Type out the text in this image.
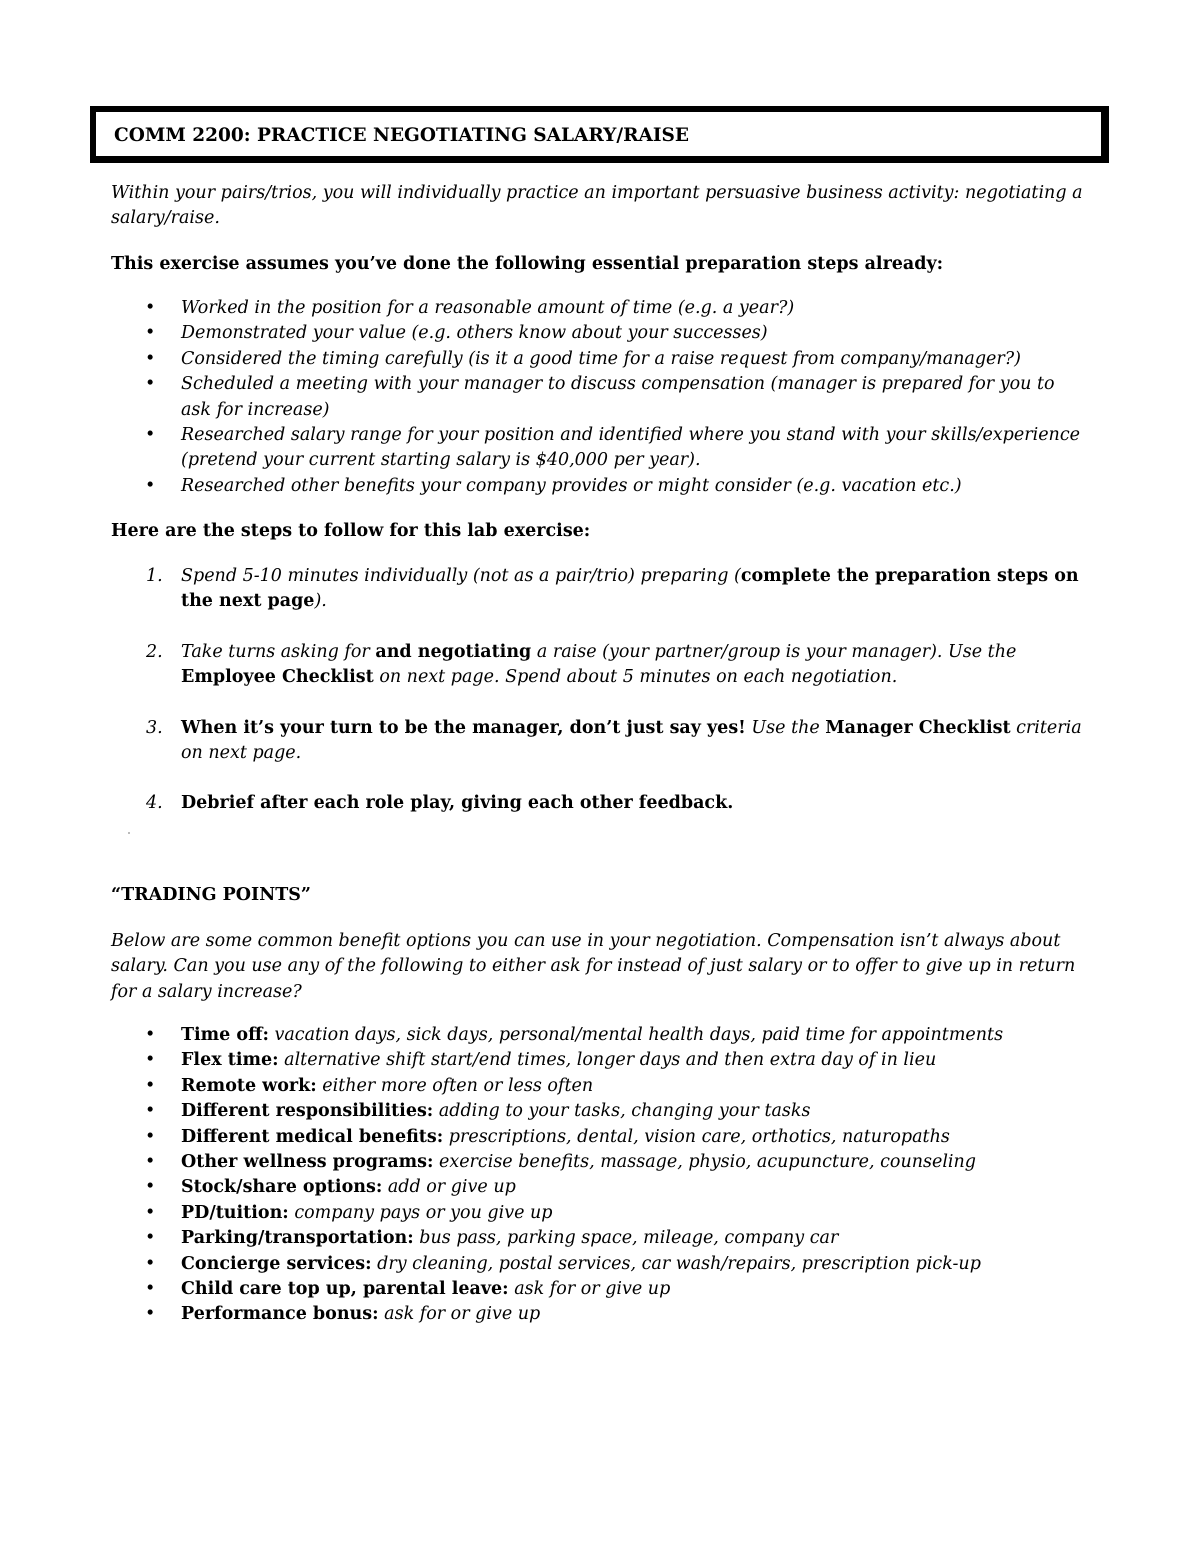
COMM 2200: PRACTICE NEGOTIATING SALARY/RAISE
Within your pairs/trios, you will individually practice an important persuasive business activity: negotiating a salary/raise.
This exercise assumes you’ve done the following essential preparation steps already:
• Worked in the position for a reasonable amount of time (e.g. a year?)
• Demonstrated your value (e.g. others know about your successes)
• Considered the timing carefully (is it a good time for a raise request from company/manager?)
• Scheduled a meeting with your manager to discuss compensation (manager is prepared for you to ask for increase)
• Researched salary range for your position and identified where you stand with your skills/experience (pretend your current starting salary is $40,000 per year).
• Researched other benefits your company provides or might consider (e.g. vacation etc.)
Here are the steps to follow for this lab exercise:
1. Spend 5-10 minutes individually (not as a pair/trio) preparing (complete the preparation steps on the next page).
2. Take turns asking for and negotiating a raise (your partner/group is your manager). Use the Employee Checklist on next page. Spend about 5 minutes on each negotiation.
3. When it’s your turn to be the manager, don’t just say yes! Use the Manager Checklist criteria on next page.
4. Debrief after each role play, giving each other feedback.
“TRADING POINTS”
Below are some common benefit options you can use in your negotiation. Compensation isn’t always about salary. Can you use any of the following to either ask for instead of just salary or to offer to give up in return for a salary increase?
• Time off: vacation days, sick days, personal/mental health days, paid time for appointments
• Flex time: alternative shift start/end times, longer days and then extra day of in lieu
• Remote work: either more often or less often
• Different responsibilities: adding to your tasks, changing your tasks
• Different medical benefits: prescriptions, dental, vision care, orthotics, naturopaths
• Other wellness programs: exercise benefits, massage, physio, acupuncture, counseling
• Stock/share options: add or give up
• PD/tuition: company pays or you give up
• Parking/transportation: bus pass, parking space, mileage, company car
• Concierge services: dry cleaning, postal services, car wash/repairs, prescription pick-up
• Child care top up, parental leave: ask for or give up
• Performance bonus: ask for or give up
